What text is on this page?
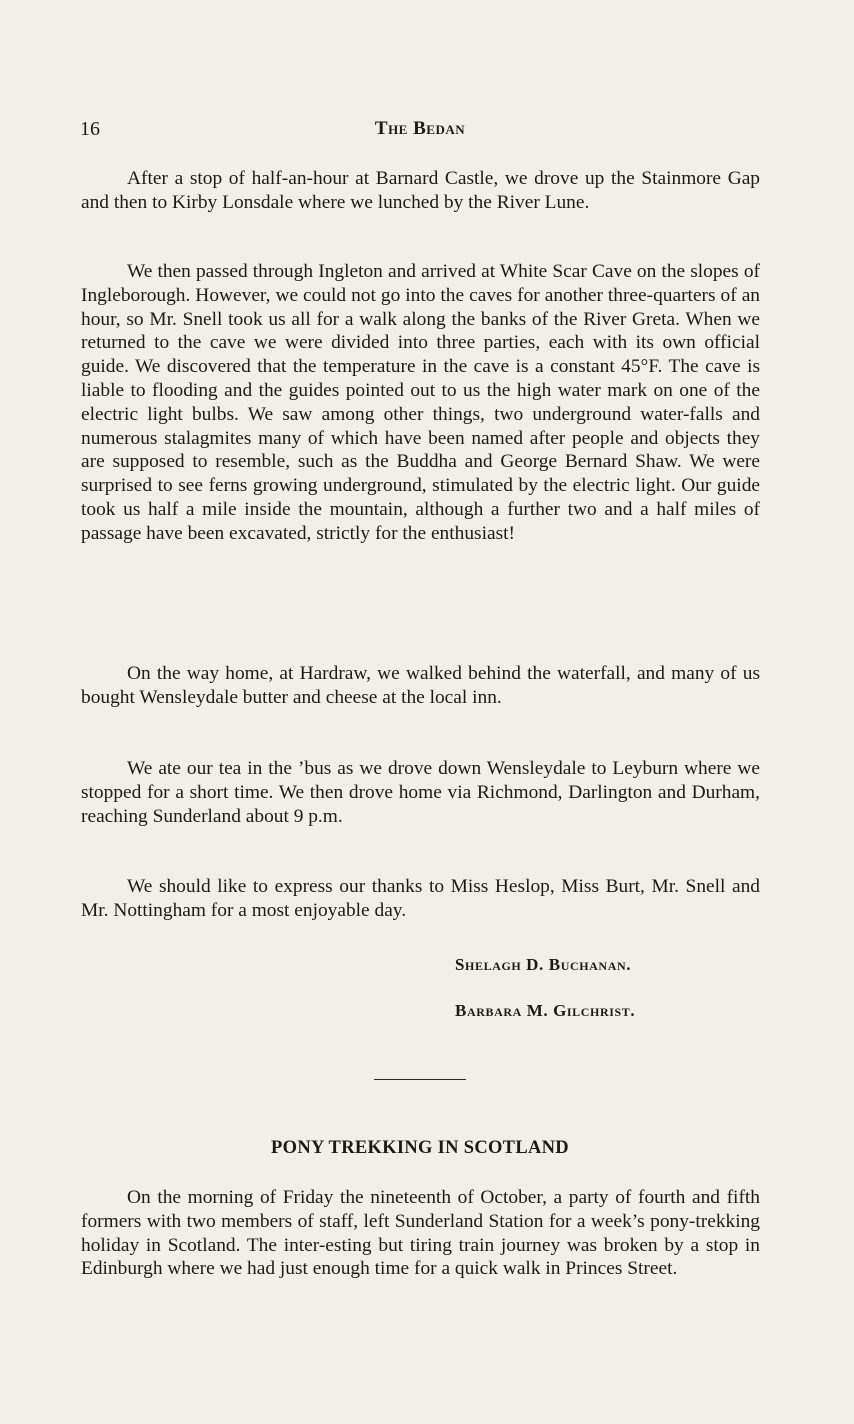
16	The Bedan

After a stop of half-an-hour at Barnard Castle, we drove up the Stainmore Gap and then to Kirby Lonsdale where we lunched by the River Lune.

We then passed through Ingleton and arrived at White Scar Cave on the slopes of Ingleborough. However, we could not go into the caves for another three-quarters of an hour, so Mr. Snell took us all for a walk along the banks of the River Greta. When we returned to the cave we were divided into three parties, each with its own official guide. We discovered that the temperature in the cave is a constant 45°F. The cave is liable to flooding and the guides pointed out to us the high water mark on one of the electric light bulbs. We saw among other things, two underground water-falls and numerous stalagmites many of which have been named after people and objects they are supposed to resemble, such as the Buddha and George Bernard Shaw. We were surprised to see ferns growing underground, stimulated by the electric light. Our guide took us half a mile inside the mountain, although a further two and a half miles of passage have been excavated, strictly for the enthusiast!

On the way home, at Hardraw, we walked behind the waterfall, and many of us bought Wensleydale butter and cheese at the local inn.

We ate our tea in the ’bus as we drove down Wensleydale to Leyburn where we stopped for a short time. We then drove home via Richmond, Darlington and Durham, reaching Sunderland about 9 p.m.

We should like to express our thanks to Miss Heslop, Miss Burt, Mr. Snell and Mr. Nottingham for a most enjoyable day.

Shelagh D. Buchanan.
Barbara M. Gilchrist.
PONY TREKKING IN SCOTLAND

On the morning of Friday the nineteenth of October, a party of fourth and fifth formers with two members of staff, left Sunderland Station for a week’s pony-trekking holiday in Scotland. The inter-esting but tiring train journey was broken by a stop in Edinburgh where we had just enough time for a quick walk in Princes Street.
